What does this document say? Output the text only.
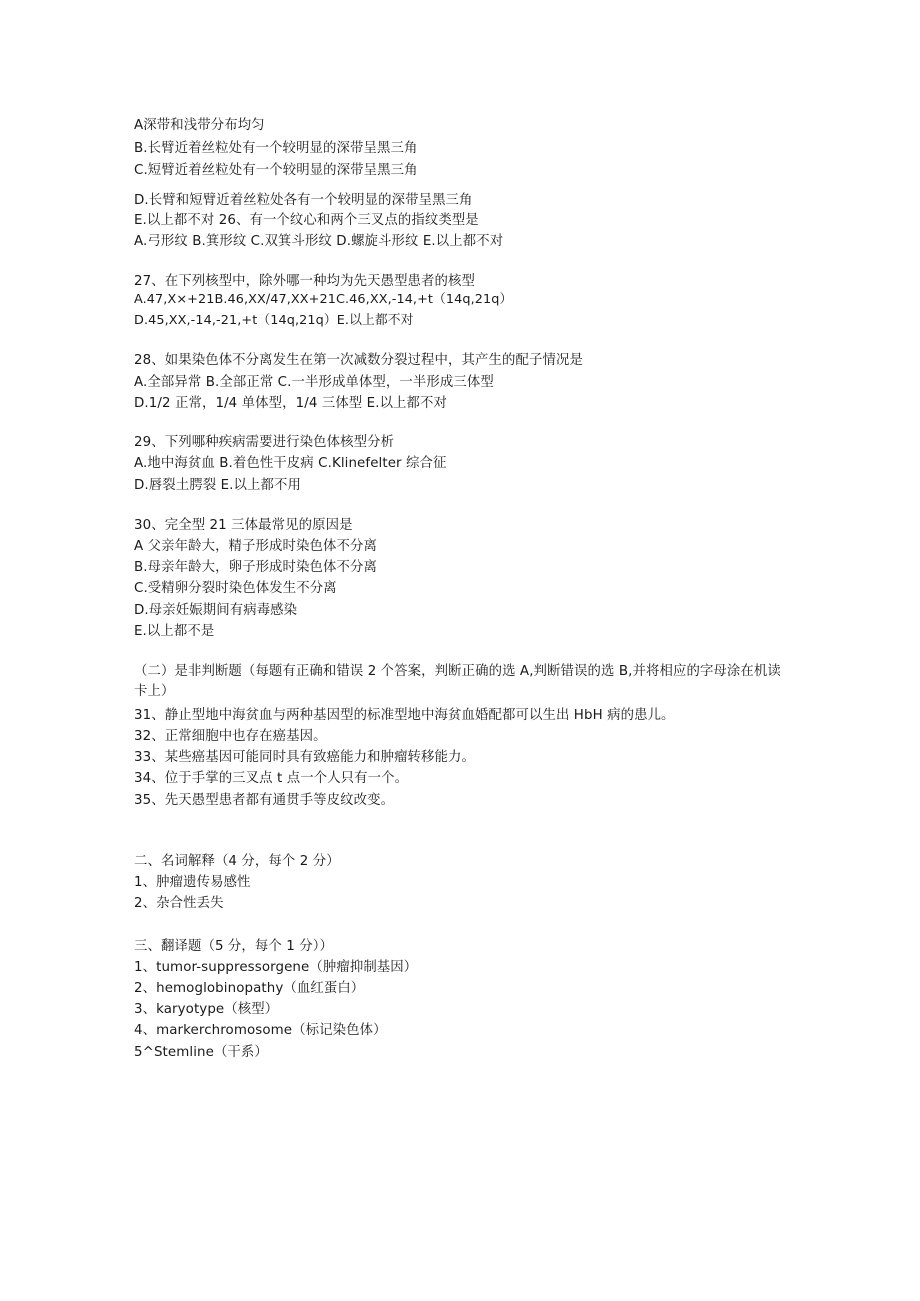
A深带和浅带分布均匀
B.长臂近着丝粒处有一个较明显的深带呈黑三角
C.短臂近着丝粒处有一个较明显的深带呈黑三角
D.长臂和短臂近着丝粒处各有一个较明显的深带呈黑三角
E.以上都不对 26、有一个纹心和两个三叉点的指纹类型是
A.弓形纹 B.箕形纹 C.双箕斗形纹 D.螺旋斗形纹 E.以上都不对
27、在下列核型中，除外哪一种均为先天愚型患者的核型
A.47,X×+21B.46,XX∕47,XX+21C.46,XX,-14,+t（14q,21q）
D.45,XX,-14,-21,+t（14q,21q）E.以上都不对
28、如果染色体不分离发生在第一次减数分裂过程中，其产生的配子情况是
A.全部异常 B.全部正常 C.一半形成单体型，一半形成三体型
D.1/2 正常，1/4 单体型，1/4 三体型 E.以上都不对
29、下列哪种疾病需要进行染色体核型分析
A.地中海贫血 B.着色性干皮病 C.Klinefelter 综合征
D.唇裂土腭裂 E.以上都不用
30、完全型 21 三体最常见的原因是
A 父亲年龄大，精子形成时染色体不分离
B.母亲年龄大，卵子形成时染色体不分离
C.受精卵分裂时染色体发生不分离
D.母亲妊娠期间有病毒感染
E.以上都不是
（二）是非判断题（每题有正确和错误 2 个答案，判断正确的选 A,判断错误的选 B,并将相应的字母涂在机读卡上）
31、静止型地中海贫血与两种基因型的标准型地中海贫血婚配都可以生出 HbH 病的患儿。
32、正常细胞中也存在癌基因。
33、某些癌基因可能同时具有致癌能力和肿瘤转移能力。
34、位于手掌的三叉点 t 点一个人只有一个。
35、先天愚型患者都有通贯手等皮纹改变。
二、名词解释（4 分，每个 2 分）
1、肿瘤遗传易感性
2、杂合性丢失
三、翻译题（5 分，每个 1 分））
1、tumor-suppressorgene（肿瘤抑制基因）
2、hemoglobinopathy（血红蛋白）
3、karyotype（核型）
4、markerchromosome（标记染色体）
5^Stemline（干系）
